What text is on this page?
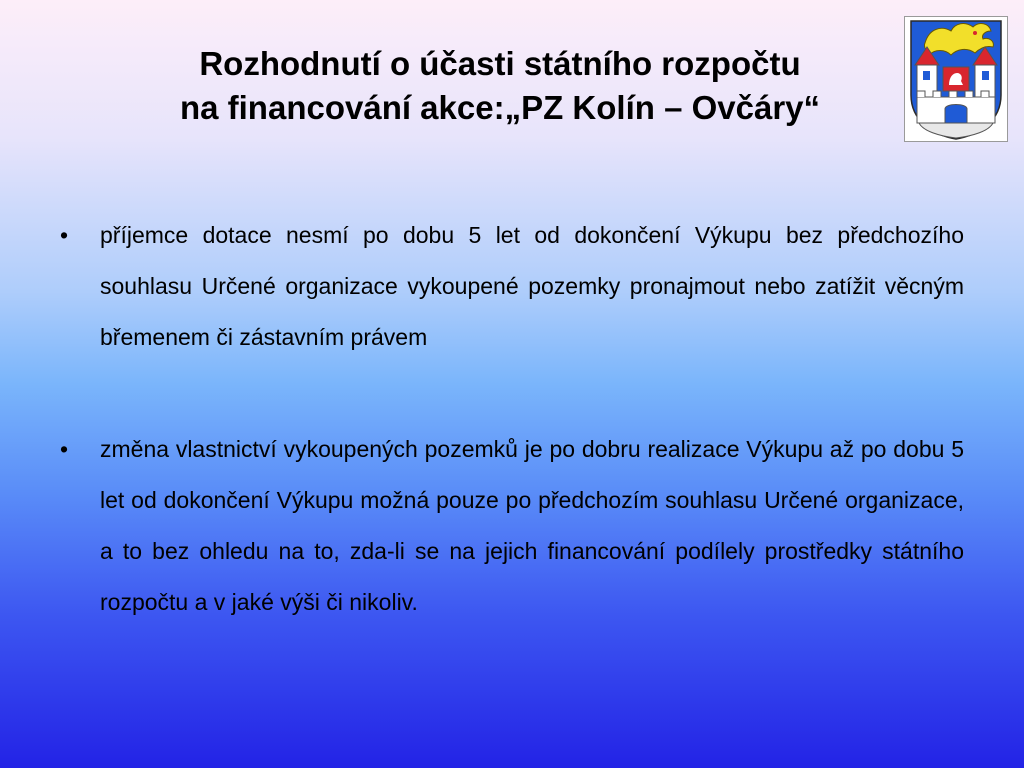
Rozhodnutí o účasti státního rozpočtu
na financování akce:„PZ Kolín – Ovčáry“
• příjemce dotace nesmí po dobu 5 let od dokončení Výkupu bez předchozího souhlasu Určené organizace vykoupené pozemky pronajmout nebo zatížit věcným břemenem či zástavním právem
• změna vlastnictví vykoupených pozemků je po dobru realizace Výkupu až po dobu 5 let od dokončení Výkupu možná pouze po předchozím souhlasu Určené organizace, a to bez ohledu na to, zda-li se na jejich financování podílely prostředky státního rozpočtu a v jaké výši či nikoliv.
